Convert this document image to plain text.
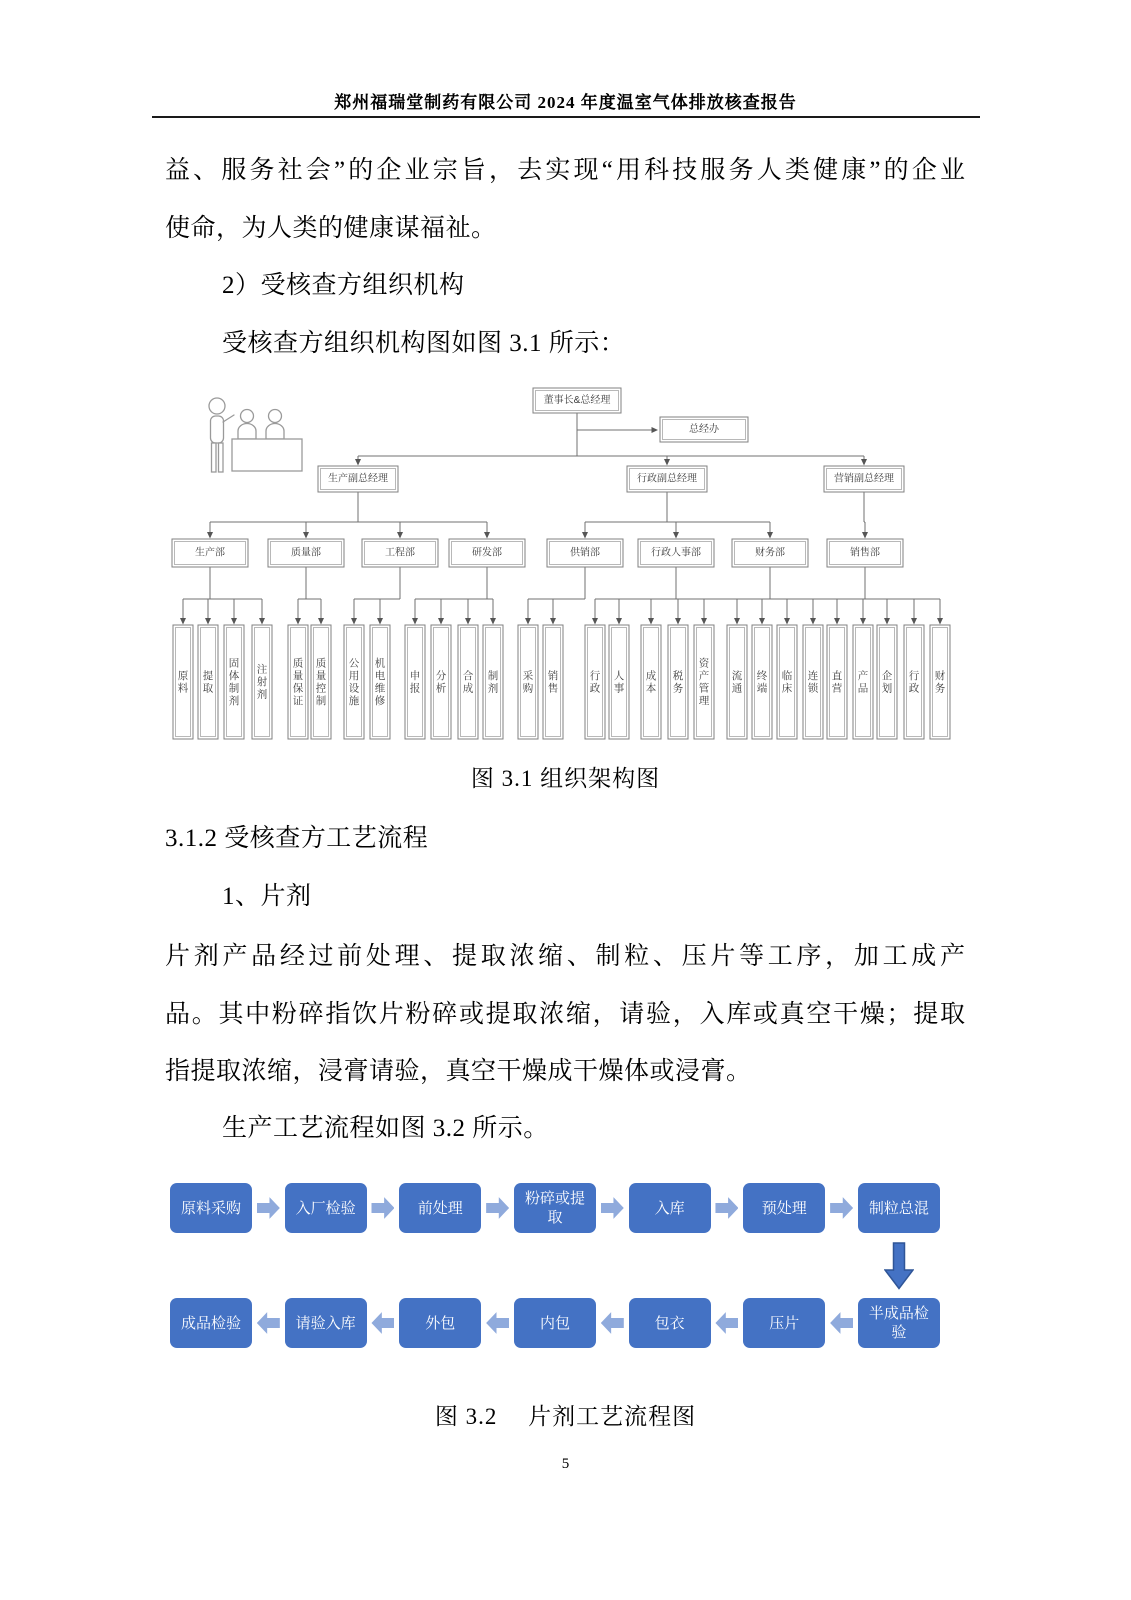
郑州福瑞堂制药有限公司 2024 年度温室气体排放核查报告
益、服务社会”的企业宗旨，去实现“用科技服务人类健康”的企业
使命，为人类的健康谋福祉。
2）受核查方组织机构
受核查方组织机构图如图 3.1 所示：
董事长&总经理
总经办
生产副总经理
生产部
原料
提取
固体制剂
注射剂
质量部
质量保证
质量控制
工程部
公用设施
机电维修
研发部
申报
分析
合成
制剂
行政副总经理
供销部
采购
销售
行政人事部
行政
人事
财务部
成本
税务
资产管理
营销副总经理
销售部
流通
终端
临床
连锁
直营
产品
企划
行政
财务
图 3.1 组织架构图
3.1.2 受核查方工艺流程
1、片剂
片剂产品经过前处理、提取浓缩、制粒、压片等工序，加工成产
品。其中粉碎指饮片粉碎或提取浓缩，请验，入库或真空干燥；提取
指提取浓缩，浸膏请验，真空干燥成干燥体或浸膏。
生产工艺流程如图 3.2 所示。
原料采购	入厂检验	前处理
粉碎或提取
入库	预处理	制粒总混
成品检验	请验入库	外包	内包	包衣	压片
半成品检验
图 3.2　 片剂工艺流程图
5
